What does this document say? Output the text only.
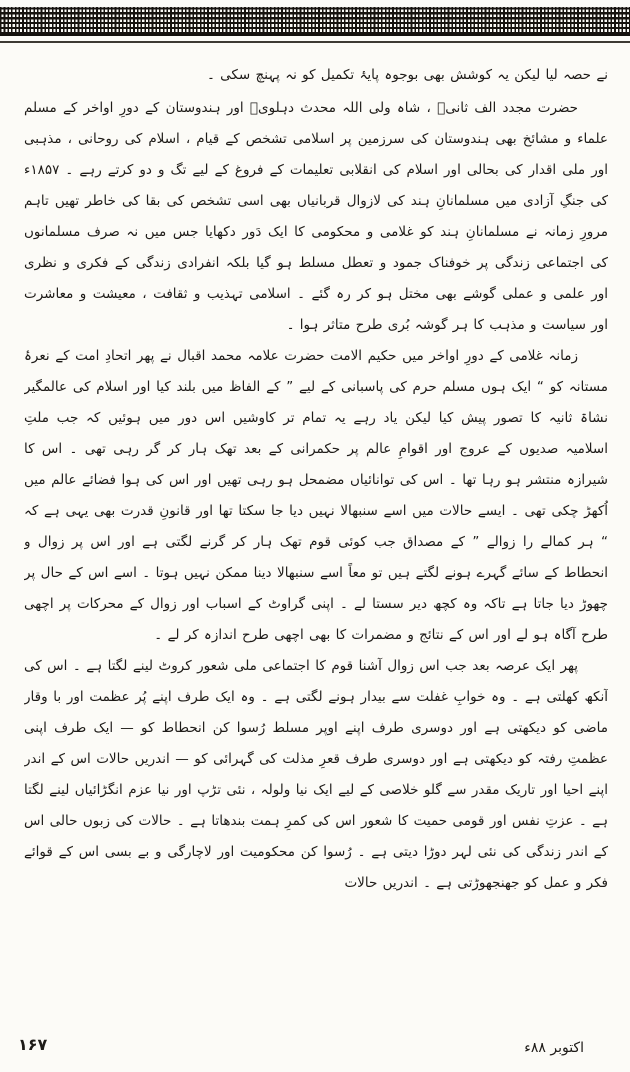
نے حصہ لیا لیکن یہ کوشش بھی بوجوہ پایۂ تکمیل کو نہ پہنچ سکی ۔

حضرت مجدد الف ثانیؒ ، شاہ ولی اللہ محدث دہلویؒ اور ہندوستان کے دورِ اواخر کے مسلم علماء و مشائخ بھی ہندوستان کی سرزمین پر اسلامی تشخص کے قیام ، اسلام کی روحانی ، مذہبی اور ملی اقدار کی بحالی اور اسلام کی انقلابی تعلیمات کے فروغ کے لیے تگ و دو کرتے رہے ۔ ۱۸۵۷ء کی جنگِ آزادی میں مسلمانانِ ہند کی لازوال قربانیاں بھی اسی تشخص کی بقا کی خاطر تھیں تاہم مرورِ زمانہ نے مسلمانانِ ہند کو غلامی و محکومی کا ایک دَور دکھایا جس میں نہ صرف مسلمانوں کی اجتماعی زندگی پر خوفناک جمود و تعطل مسلط ہو گیا بلکہ انفرادی زندگی کے فکری و نظری اور علمی و عملی گوشے بھی مختل ہو کر رہ گئے ۔ اسلامی تہذیب و ثقافت ، معیشت و معاشرت اور سیاست و مذہب کا ہر گوشہ بُری طرح متاثر ہوا ۔

زمانہ غلامی کے دورِ اواخر میں حکیم الامت حضرت علامہ محمد اقبال نے پھر اتحادِ امت کے نعرۂ مستانہ کو “ ایک ہوں مسلم حرم کی پاسبانی کے لیے ” کے الفاظ میں بلند کیا اور اسلام کی عالمگیر نشاۃ ثانیہ کا تصور پیش کیا لیکن یاد رہے یہ تمام تر کاوشیں اس دور میں ہوئیں کہ جب ملتِ اسلامیہ صدیوں کے عروج اور اقوامِ عالم پر حکمرانی کے بعد تھک ہار کر گر رہی تھی ۔ اس کا شیرازہ منتشر ہو رہا تھا ۔ اس کی توانائیاں مضمحل ہو رہی تھیں اور اس کی ہوا فضائے عالم میں اُکھڑ چکی تھی ۔ ایسے حالات میں اسے سنبھالا نہیں دیا جا سکتا تھا اور قانونِ قدرت بھی یہی ہے کہ “ ہر کمالے را زوالے ” کے مصداق جب کوئی قوم تھک ہار کر گرنے لگتی ہے اور اس پر زوال و انحطاط کے سائے گہرے ہونے لگتے ہیں تو معاً اسے سنبھالا دینا ممکن نہیں ہوتا ۔ اسے اس کے حال پر چھوڑ دیا جاتا ہے تاکہ وہ کچھ دیر سستا لے ۔ اپنی گراوٹ کے اسباب اور زوال کے محرکات پر اچھی طرح آگاہ ہو لے اور اس کے نتائج و مضمرات کا بھی اچھی طرح اندازہ کر لے ۔

پھر ایک عرصہ بعد جب اس زوال آشنا قوم کا اجتماعی ملی شعور کروٹ لینے لگتا ہے ۔ اس کی آنکھ کھلتی ہے ۔ وہ خوابِ غفلت سے بیدار ہونے لگتی ہے ۔ وہ ایک طرف اپنے پُر عظمت اور با وقار ماضی کو دیکھتی ہے اور دوسری طرف اپنے اوپر مسلط رُسوا کن انحطاط کو — ایک طرف اپنی عظمتِ رفتہ کو دیکھتی ہے اور دوسری طرف قعرِ مذلت کی گہرائی کو — اندریں حالات اس کے اندر اپنے احیا اور تاریک مقدر سے گلو خلاصی کے لیے ایک نیا ولولہ ، نئی تڑپ اور نیا عزم انگڑائیاں لینے لگتا ہے ۔ عزتِ نفس اور قومی حمیت کا شعور اس کی کمرِ ہمت بندھاتا ہے ۔ حالات کی زبوں حالی اس کے اندر زندگی کی نئی لہر دوڑا دیتی ہے ۔ رُسوا کن محکومیت اور لاچارگی و بے بسی اس کے قوائے فکر و عمل کو جھنجھوڑتی ہے ۔ اندریں حالات

اکتوبر ۸۸ء
۱۶۷
